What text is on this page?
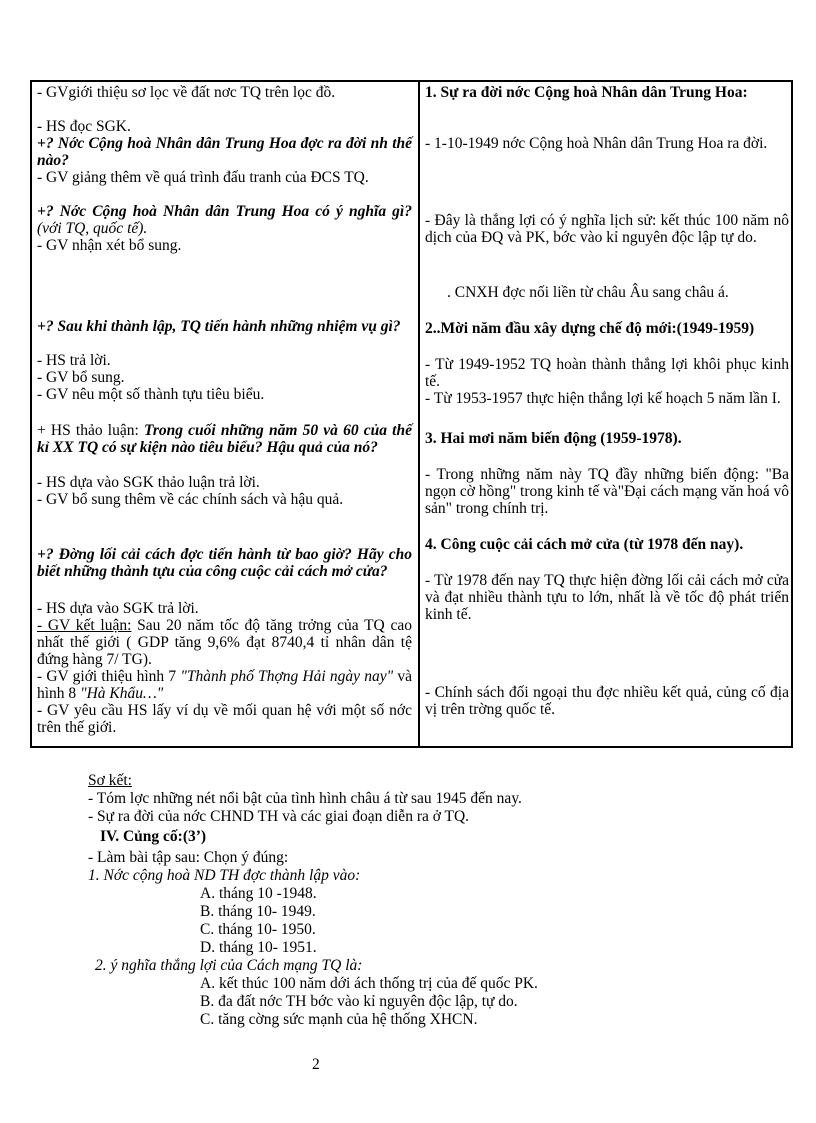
- GVgiới thiệu sơ lọc về đất nơc TQ trên lọc đồ.

- HS đọc SGK.

+? Nớc Cộng hoà Nhân dân Trung Hoa đợc ra đời nh thế nào?

- GV giảng thêm về quá trình đấu tranh của ĐCS TQ.

+? Nớc Cộng hoà Nhân dân Trung Hoa có ý nghĩa gì? (với TQ, quốc tế).

- GV nhận xét bổ sung.

+? Sau khi thành lập, TQ tiến hành những nhiệm vụ gì?

- HS trả lời.

- GV bổ sung.

- GV nêu một số thành tựu tiêu biểu.

+ HS thảo luận: Trong cuối những năm 50 và 60 của thế kỉ XX TQ có sự kiện nào tiêu biểu? Hậu quả của nó?

- HS dựa vào SGK thảo luận trả lời.

- GV bổ sung thêm về các chính sách và hậu quả.

+? Đờng lối cải cách đợc tiến hành từ bao giờ? Hãy cho biết những thành tựu của công cuộc cải cách mở cửa?

- HS dựa vào SGK trả lời.

- GV kết luận: Sau 20 năm tốc độ tăng trởng của TQ cao nhất thế giới ( GDP tăng 9,6% đạt 8740,4 tỉ nhân dân tệ đứng hàng 7/ TG).

- GV giới thiệu hình 7 "Thành phố Thợng Hải ngày nay" và hình 8 "Hà Khẩu…"

- GV yêu cầu HS lấy ví dụ về mối quan hệ với một số nớc trên thế giới.

1. Sự ra đời nớc Cộng hoà Nhân dân Trung Hoa:

- 1-10-1949 nớc Cộng hoà Nhân dân Trung Hoa ra đời.

- Đây là thắng lợi có ý nghĩa lịch sử: kết thúc 100 năm nô dịch của ĐQ và PK, bớc vào kỉ nguyên độc lập tự do.

. CNXH đợc nối liền từ châu Âu sang châu á.

2..Mời năm đầu xây dựng chế độ mới:(1949-1959)

- Từ 1949-1952 TQ hoàn thành thắng lợi khôi phục kinh tế.

- Từ 1953-1957 thực hiện thắng lợi kế hoạch 5 năm lần I.

3. Hai mơi năm biến động (1959-1978).

- Trong những năm này TQ đầy những biến động: "Ba ngọn cờ hồng" trong kinh tế và"Đại cách mạng văn hoá vô sản" trong chính trị.

4. Công cuộc cải cách mở cửa (từ 1978 đến nay).

- Từ 1978 đến nay TQ thực hiện đờng lối cải cách mở cửa và đạt nhiều thành tựu to lớn, nhất là về tốc độ phát triển kinh tế.

- Chính sách đối ngoại thu đợc nhiều kết quả, củng cố địa vị trên trờng quốc tế.

Sơ kết:

- Tóm lợc những nét nổi bật của tình hình châu á từ sau 1945 đến nay.

- Sự ra đời của nớc CHND TH và các giai đoạn diễn ra ở TQ.

IV. Củng cố:(3’)

- Làm bài tập sau: Chọn ý đúng:

1. Nớc cộng hoà ND TH đợc thành lập vào:

A. tháng 10 -1948.

B. tháng 10- 1949.

C. tháng 10- 1950.

D. tháng 10- 1951.

2. ý nghĩa thắng lợi của Cách mạng TQ là:

A. kết thúc 100 năm dới ách thống trị của đế quốc PK.

B. đa đất nớc TH bớc vào kỉ nguyên độc lập, tự do.

C. tăng cờng sức mạnh của hệ thống XHCN.

2
